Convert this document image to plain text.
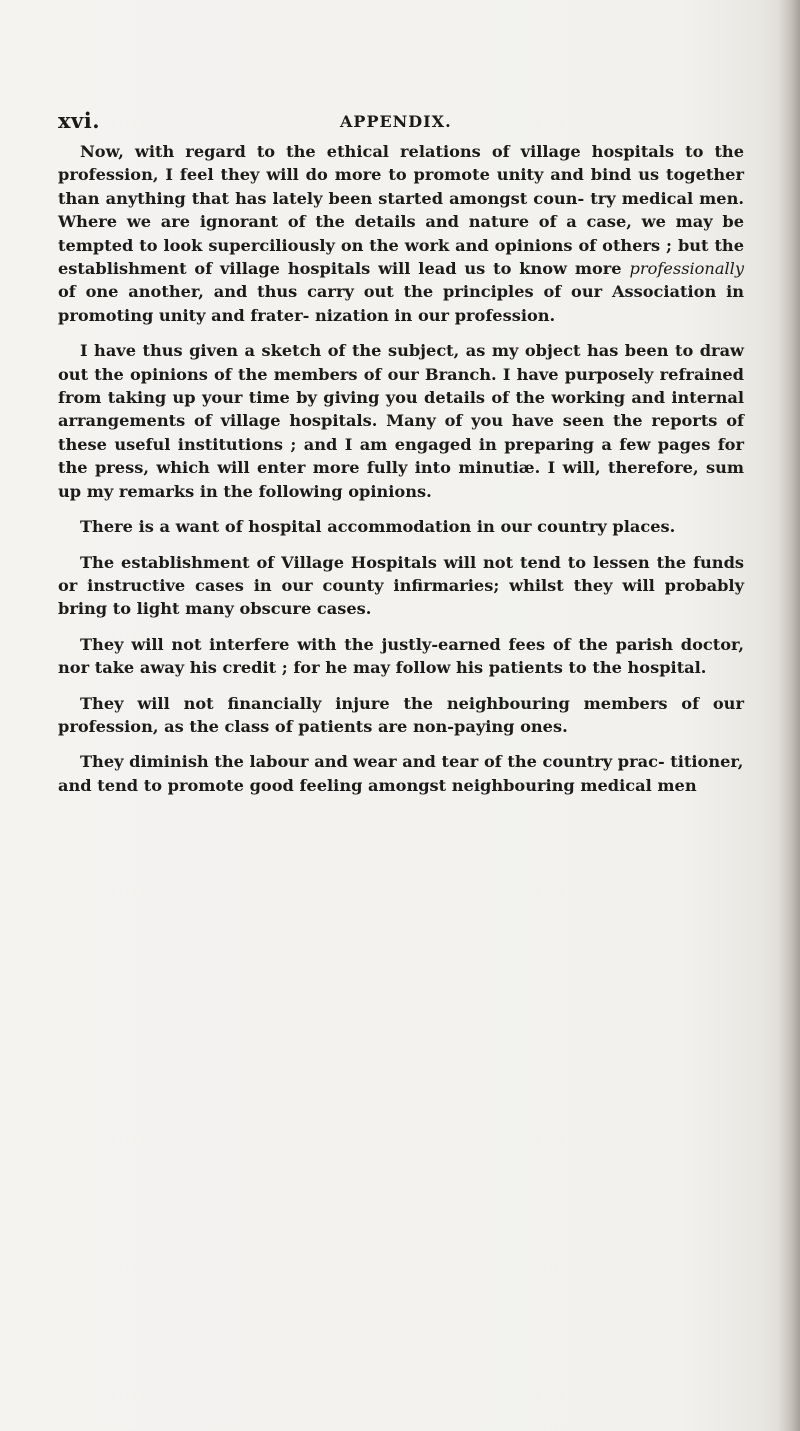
xvi.	APPENDIX.

Now, with regard to the ethical relations of village hospitals to the profession, I feel they will do more to promote unity and bind us together than anything that has lately been started amongst coun- try medical men. Where we are ignorant of the details and nature of a case, we may be tempted to look superciliously on the work and opinions of others ; but the establishment of village hospitals will lead us to know more professionally of one another, and thus carry out the principles of our Association in promoting unity and frater- nization in our profession.

I have thus given a sketch of the subject, as my object has been to draw out the opinions of the members of our Branch. I have purposely refrained from taking up your time by giving you details of the working and internal arrangements of village hospitals. Many of you have seen the reports of these useful institutions ; and I am engaged in preparing a few pages for the press, which will enter more fully into minutiæ. I will, therefore, sum up my remarks in the following opinions.

There is a want of hospital accommodation in our country places.

The establishment of Village Hospitals will not tend to lessen the funds or instructive cases in our county infirmaries; whilst they will probably bring to light many obscure cases.

They will not interfere with the justly-earned fees of the parish doctor, nor take away his credit ; for he may follow his patients to the hospital.

They will not financially injure the neighbouring members of our profession, as the class of patients are non-paying ones.

They diminish the labour and wear and tear of the country prac- titioner, and tend to promote good feeling amongst neighbouring medical men
